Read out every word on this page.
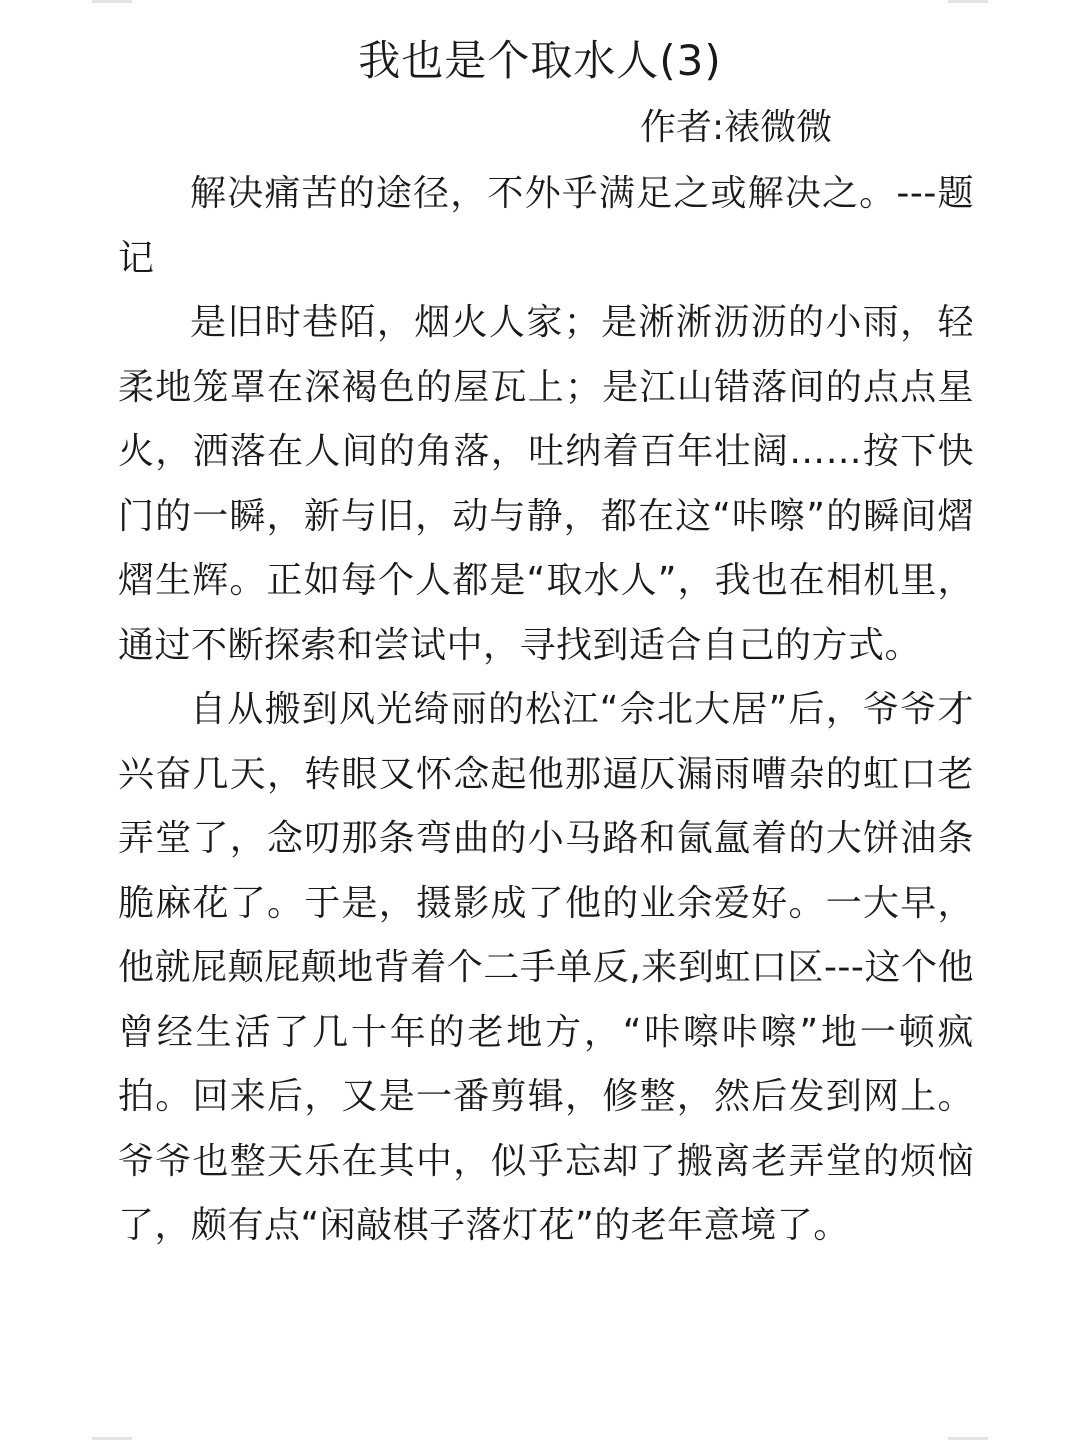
我也是个取水人(3)
作者:裱微微

解决痛苦的途径，不外乎满足之或解决之。---题记

是旧时巷陌，烟火人家；是淅淅沥沥的小雨，轻柔地笼罩在深褐色的屋瓦上；是江山错落间的点点星火，洒落在人间的角落，吐纳着百年壮阔……按下快门的一瞬，新与旧，动与静，都在这“咔嚓”的瞬间熠熠生辉。正如每个人都是“取水人”，我也在相机里，通过不断探索和尝试中，寻找到适合自己的方式。

自从搬到风光绮丽的松江“佘北大居”后，爷爷才兴奋几天，转眼又怀念起他那逼仄漏雨嘈杂的虹口老弄堂了，念叨那条弯曲的小马路和氤氲着的大饼油条脆麻花了。于是，摄影成了他的业余爱好。一大早，他就屁颠屁颠地背着个二手单反,来到虹口区---这个他曾经生活了几十年的老地方，“咔嚓咔嚓”地一顿疯拍。回来后，又是一番剪辑，修整，然后发到网上。爷爷也整天乐在其中，似乎忘却了搬离老弄堂的烦恼了，颇有点“闲敲棋子落灯花”的老年意境了。
